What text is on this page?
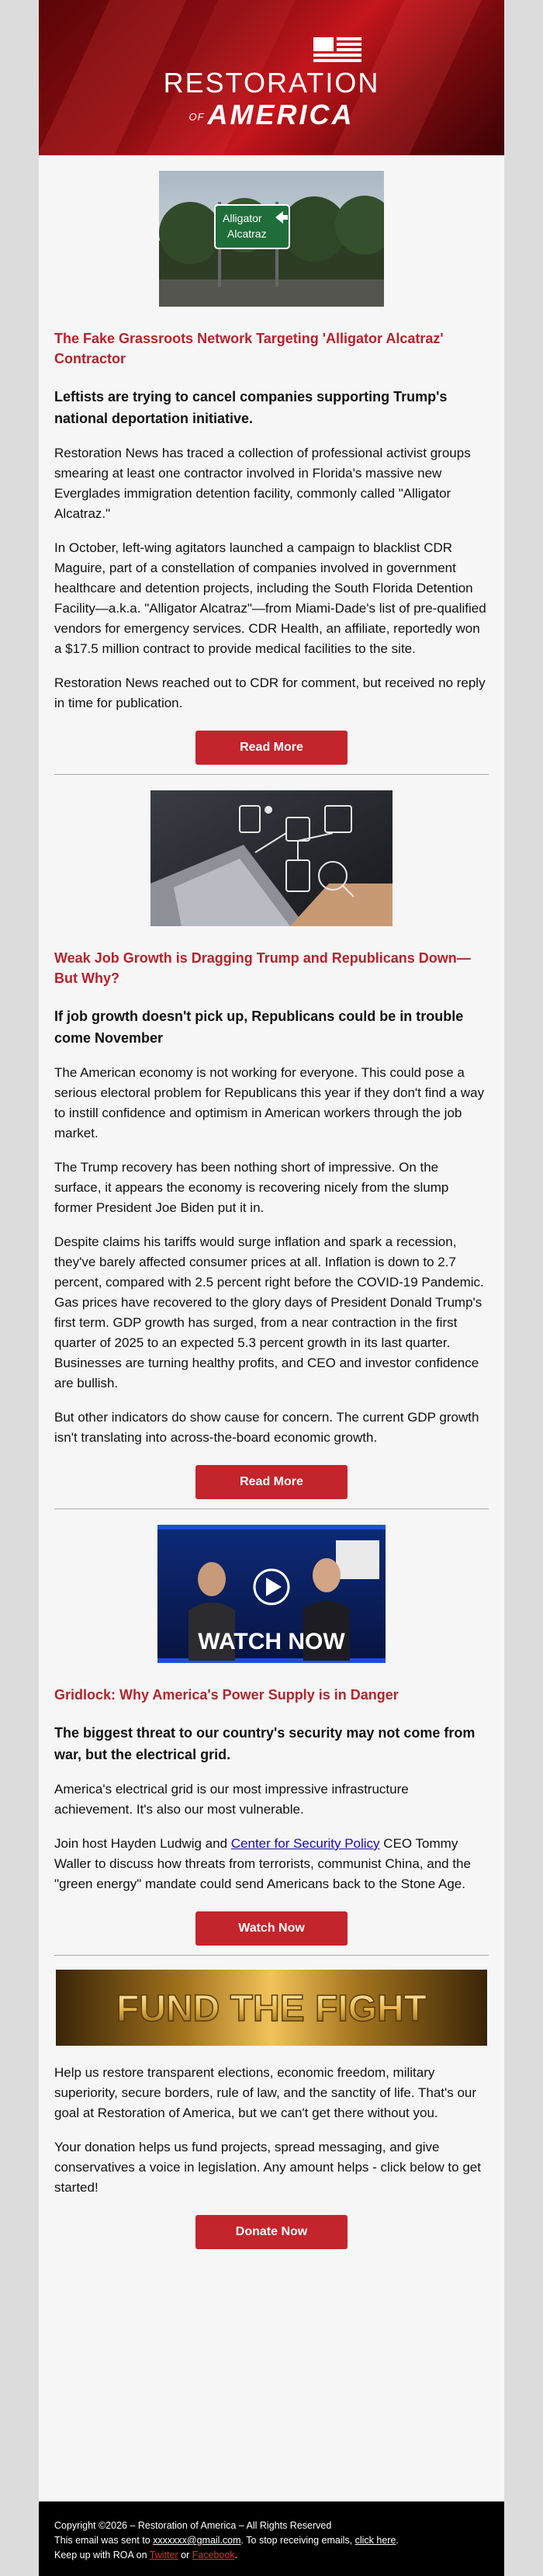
RESTORATION
OF AMERICA
Alligator
Alcatraz
The Fake Grassroots Network Targeting 'Alligator Alcatraz' Contractor
Leftists are trying to cancel companies supporting Trump's national deportation initiative.

Restoration News has traced a collection of professional activist groups smearing at least one contractor involved in Florida's massive new Everglades immigration detention facility, commonly called "Alligator Alcatraz."

In October, left-wing agitators launched a campaign to blacklist CDR Maguire, part of a constellation of companies involved in government healthcare and detention projects, including the South Florida Detention Facility—a.k.a. "Alligator Alcatraz"—from Miami-Dade's list of pre-qualified vendors for emergency services. CDR Health, an affiliate, reportedly won a $17.5 million contract to provide medical facilities to the site.

Restoration News reached out to CDR for comment, but received no reply in time for publication.

Read More
Weak Job Growth is Dragging Trump and Republicans Down—But Why?
If job growth doesn't pick up, Republicans could be in trouble come November

The American economy is not working for everyone. This could pose a serious electoral problem for Republicans this year if they don't find a way to instill confidence and optimism in American workers through the job market.

The Trump recovery has been nothing short of impressive. On the surface, it appears the economy is recovering nicely from the slump former President Joe Biden put it in.

Despite claims his tariffs would surge inflation and spark a recession, they've barely affected consumer prices at all. Inflation is down to 2.7 percent, compared with 2.5 percent right before the COVID-19 Pandemic. Gas prices have recovered to the glory days of President Donald Trump's first term. GDP growth has surged, from a near contraction in the first quarter of 2025 to an expected 5.3 percent growth in its last quarter. Businesses are turning healthy profits, and CEO and investor confidence are bullish.

But other indicators do show cause for concern. The current GDP growth isn't translating into across-the-board economic growth.

Read More
WATCH NOW
Gridlock: Why America's Power Supply is in Danger
The biggest threat to our country's security may not come from war, but the electrical grid.

America's electrical grid is our most impressive infrastructure achievement. It's also our most vulnerable.

Join host Hayden Ludwig and Center for Security Policy CEO Tommy Waller to discuss how threats from terrorists, communist China, and the "green energy" mandate could send Americans back to the Stone Age.

Watch Now
FUND THE FIGHT

Help us restore transparent elections, economic freedom, military superiority, secure borders, rule of law, and the sanctity of life. That's our goal at Restoration of America, but we can't get there without you.

Your donation helps us fund projects, spread messaging, and give conservatives a voice in legislation. Any amount helps - click below to get started!

Donate Now
Copyright ©2026 – Restoration of America – All Rights Reserved
This email was sent to xxxxxxx@gmail.com. To stop receiving emails, click here.
Keep up with ROA on Twitter or Facebook.
